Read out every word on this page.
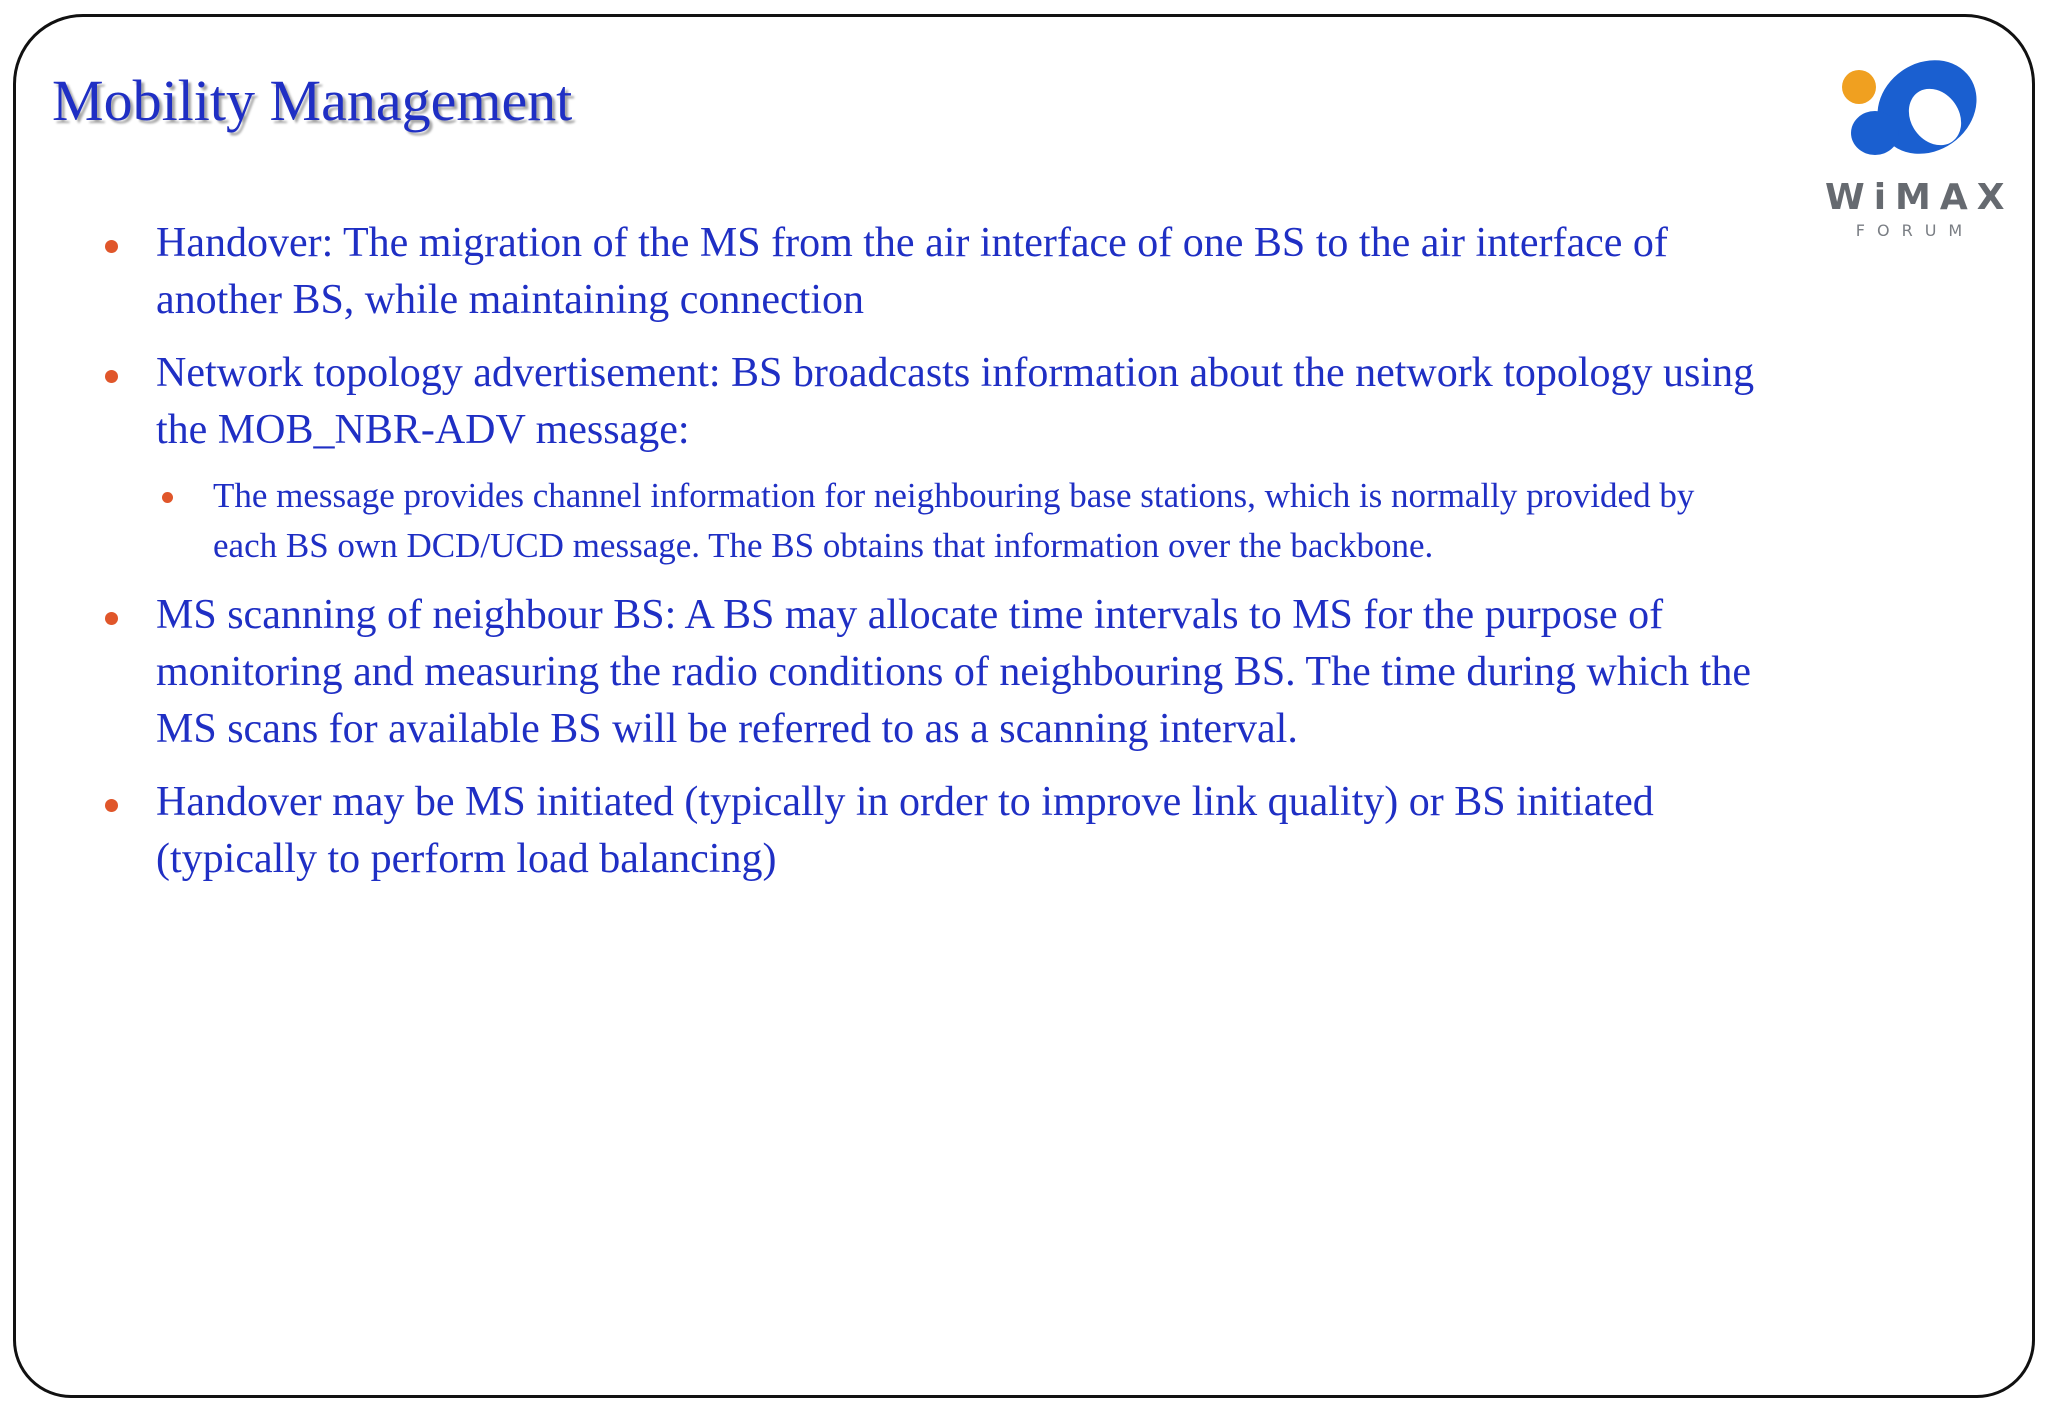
Mobility Management
WiMAX
FORUM
Handover: The migration of the MS from the air interface of one BS to the air interface of another BS, while maintaining connection
Network topology advertisement: BS broadcasts information about the network topology using the MOB_NBR-ADV message:
The message provides channel information for neighbouring base stations, which is normally provided by each BS own DCD/UCD message. The BS obtains that information over the backbone.
MS scanning of neighbour BS: A BS may allocate time intervals to MS for the purpose of monitoring and measuring the radio conditions of neighbouring BS. The time during which the MS scans for available BS will be referred to as a scanning interval.
Handover may be MS initiated (typically in order to improve link quality) or BS initiated (typically to perform load balancing)
